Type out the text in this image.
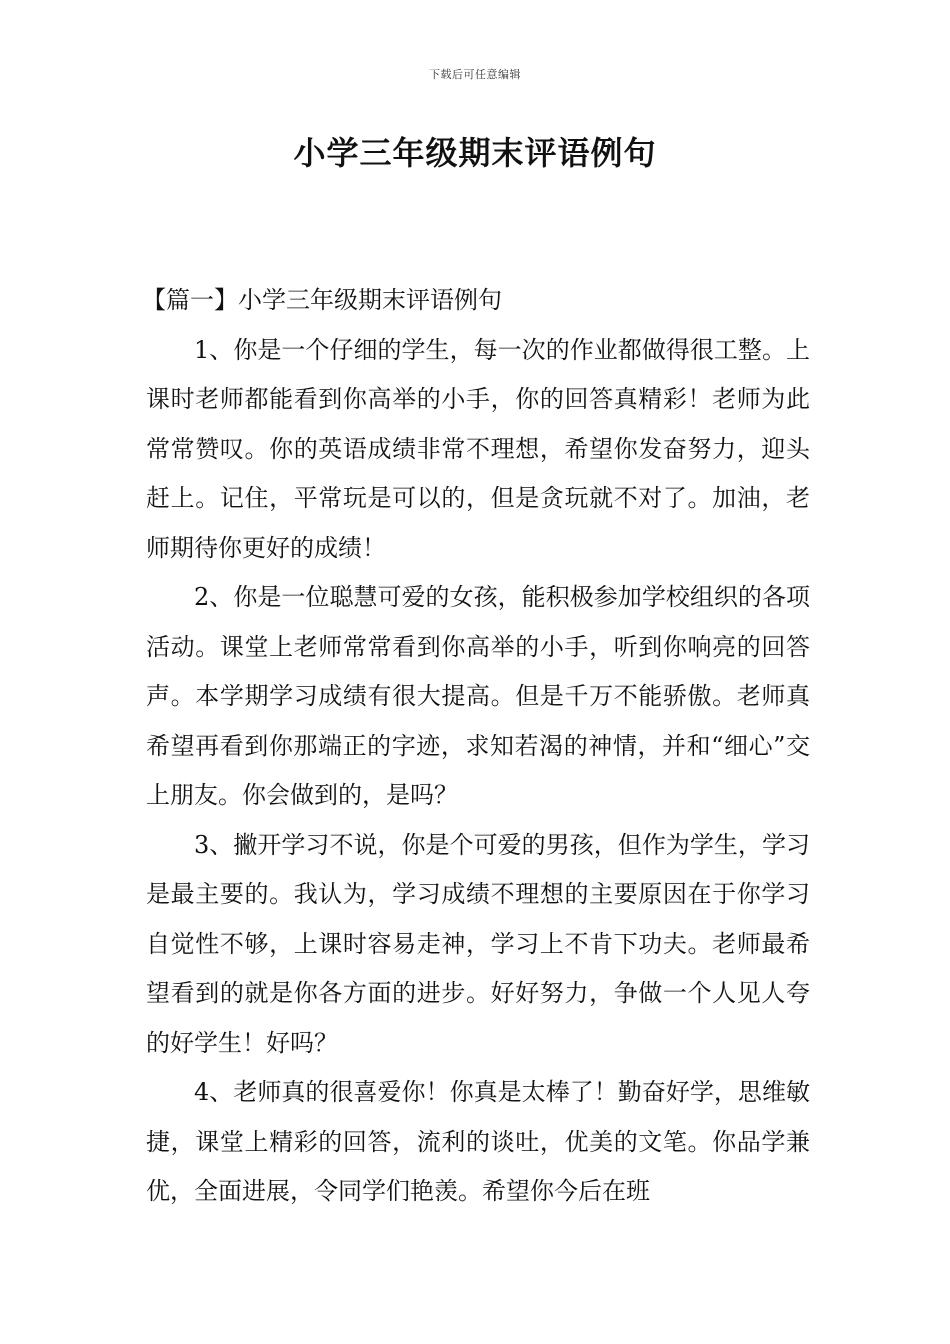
下载后可任意编辑
小学三年级期末评语例句

【篇一】小学三年级期末评语例句

1、你是一个仔细的学生，每一次的作业都做得很工整。上课时老师都能看到你高举的小手，你的回答真精彩！老师为此常常赞叹。你的英语成绩非常不理想，希望你发奋努力，迎头赶上。记住，平常玩是可以的，但是贪玩就不对了。加油，老师期待你更好的成绩！

2、你是一位聪慧可爱的女孩，能积极参加学校组织的各项活动。课堂上老师常常看到你高举的小手，听到你响亮的回答声。本学期学习成绩有很大提高。但是千万不能骄傲。老师真希望再看到你那端正的字迹，求知若渴的神情，并和“细心”交上朋友。你会做到的，是吗？

3、撇开学习不说，你是个可爱的男孩，但作为学生，学习是最主要的。我认为，学习成绩不理想的主要原因在于你学习自觉性不够，上课时容易走神，学习上不肯下功夫。老师最希望看到的就是你各方面的进步。好好努力，争做一个人见人夸的好学生！好吗？

4、老师真的很喜爱你！你真是太棒了！勤奋好学，思维敏捷，课堂上精彩的回答，流利的谈吐，优美的文笔。你品学兼优，全面进展，令同学们艳羡。希望你今后在班
